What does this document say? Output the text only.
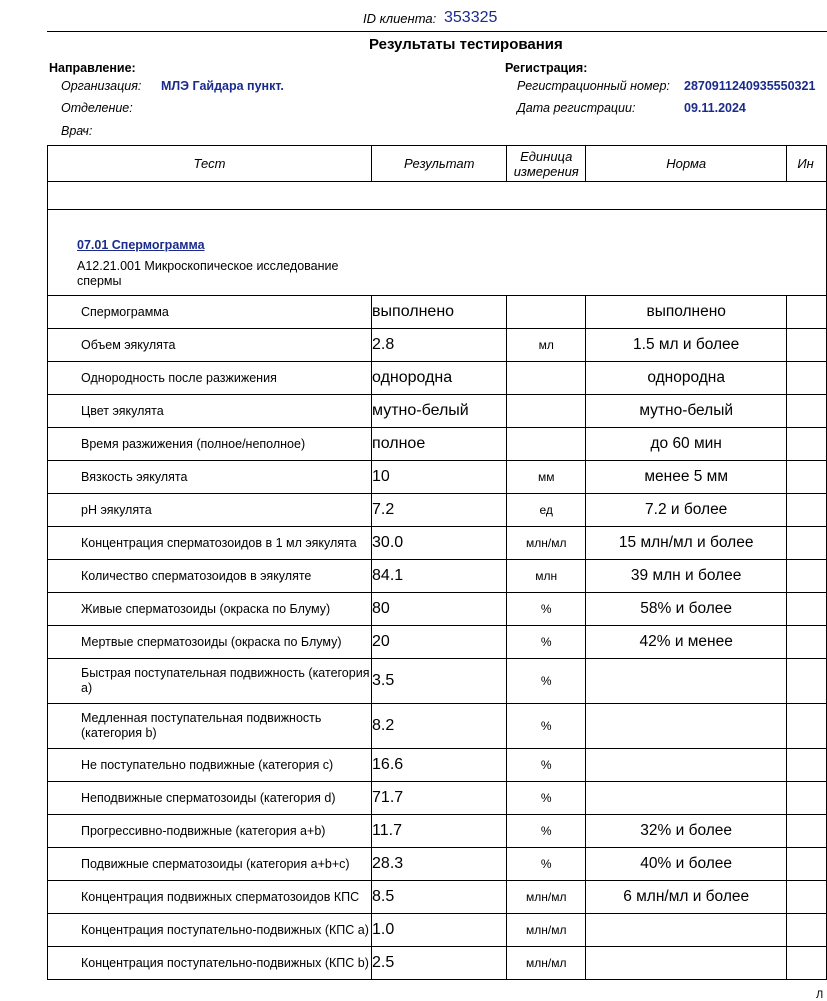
ID клиента: 353325
Результаты тестирования
Направление:
Организация: МЛЭ Гайдара пункт.
Отделение:
Врач:
Регистрация:
Регистрационный номер: 2870911240935550321
Дата регистрации:	09.11.2024
Тест	Результат	Единица измерения	Норма	Ин

07.01 Спермограмма
A12.21.001 Микроскопическое исследование спермы				

Спермограмма	выполнено		выполнено	
Объем эякулята	2.8	мл	1.5 мл и более	
Однородность после разжижения	однородна		однородна	
Цвет эякулята	мутно-белый		мутно-белый	
Время разжижения (полное/неполное)	полное		до 60 мин	
Вязкость эякулята	10	мм	менее 5 мм	
pH эякулята	7.2	ед	7.2 и более	
Концентрация сперматозоидов в 1 мл эякулята	30.0	млн/мл	15 млн/мл и более	
Количество сперматозоидов в эякуляте	84.1	млн	39 млн и более	
Живые сперматозоиды (окраска по Блуму)	80	%	58% и более	
Мертвые сперматозоиды (окраска по Блуму)	20	%	42% и менее	
Быстрая поступательная подвижность (категория a)	3.5	%		
Медленная поступательная подвижность (категория b)	8.2	%		
Не поступательно подвижные (категория c)	16.6	%		
Неподвижные сперматозоиды (категория d)	71.7	%		
Прогрессивно-подвижные (категория a+b)	11.7	%	32% и более	
Подвижные сперматозоиды (категория a+b+c)	28.3	%	40% и более	
Концентрация подвижных сперматозоидов КПС	8.5	млн/мл	6 млн/мл и более	
Концентрация поступательно-подвижных (КПС a)	1.0	млн/мл		
Концентрация поступательно-подвижных (КПС b)	2.5	млн/мл		
Л
